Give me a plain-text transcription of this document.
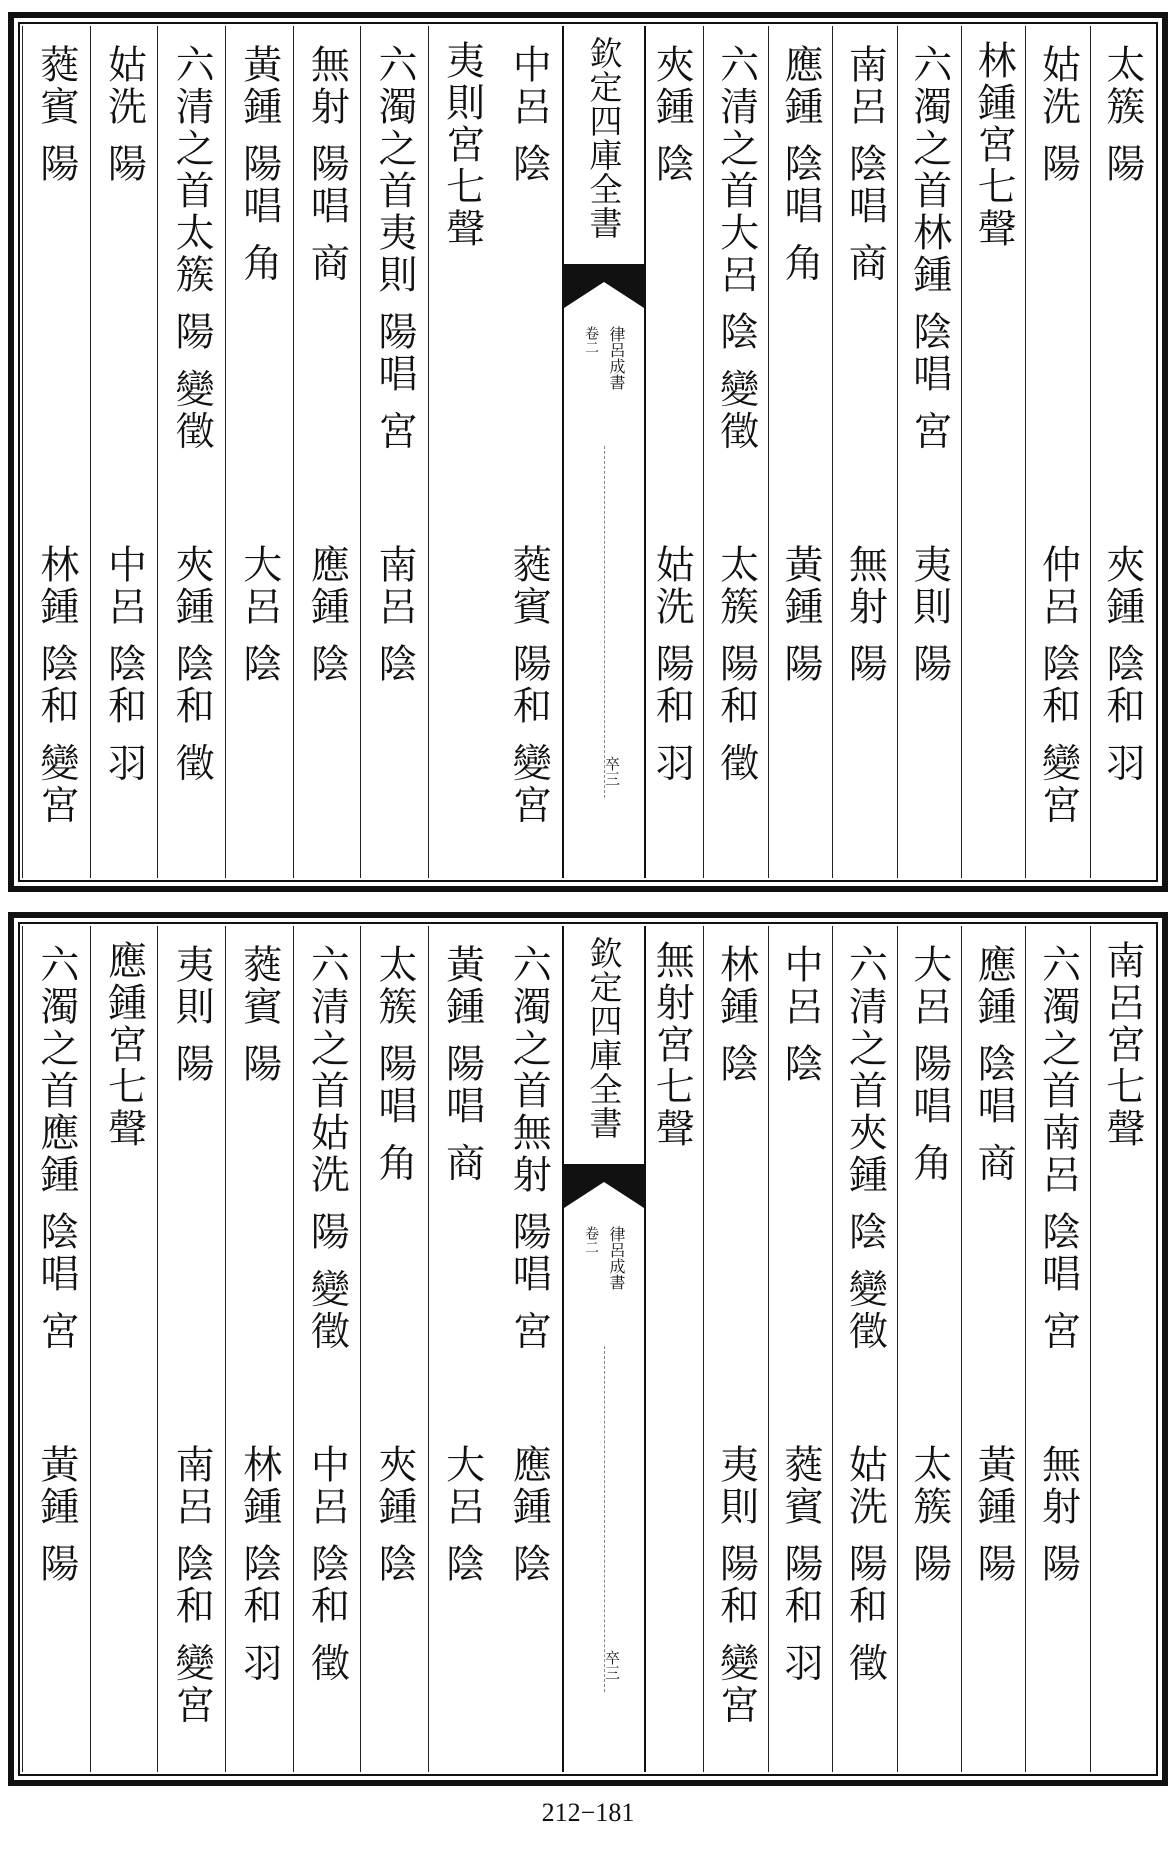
太簇 陽
夾鍾 陰和 羽
姑洗 陽
仲呂 陰和 變宮
林鍾宮七聲
六濁之首林鍾 陰唱 宮
夷則 陽
南呂 陰唱 商
無射 陽
應鍾 陰唱 角
黃鍾 陽
六清之首大呂 陰 變徵
太簇 陽和 徵
夾鍾 陰
姑洗 陽和 羽
欽定四庫全書
律呂成書
卷二
卒三
中呂 陰
蕤賓 陽和 變宮
夷則宮七聲
六濁之首夷則 陽唱 宮
南呂 陰
無射 陽唱 商
應鍾 陰
黃鍾 陽唱 角
大呂 陰
六清之首太簇 陽 變徵
夾鍾 陰和 徵
姑洗 陽
中呂 陰和 羽
蕤賓 陽
林鍾 陰和 變宮
南呂宮七聲
六濁之首南呂 陰唱 宮
無射 陽
應鍾 陰唱 商
黃鍾 陽
大呂 陽唱 角
太簇 陽
六清之首夾鍾 陰 變徵
姑洗 陽和 徵
中呂 陰
蕤賓 陽和 羽
林鍾 陰
夷則 陽和 變宮
無射宮七聲
欽定四庫全書
律呂成書
卷二
卒三
六濁之首無射 陽唱 宮
應鍾 陰
黃鍾 陽唱 商
大呂 陰
太簇 陽唱 角
夾鍾 陰
六清之首姑洗 陽 變徵
中呂 陰和 徵
蕤賓 陽
林鍾 陰和 羽
夷則 陽
南呂 陰和 變宮
應鍾宮七聲
六濁之首應鍾 陰唱 宮
黃鍾 陽
212−181
